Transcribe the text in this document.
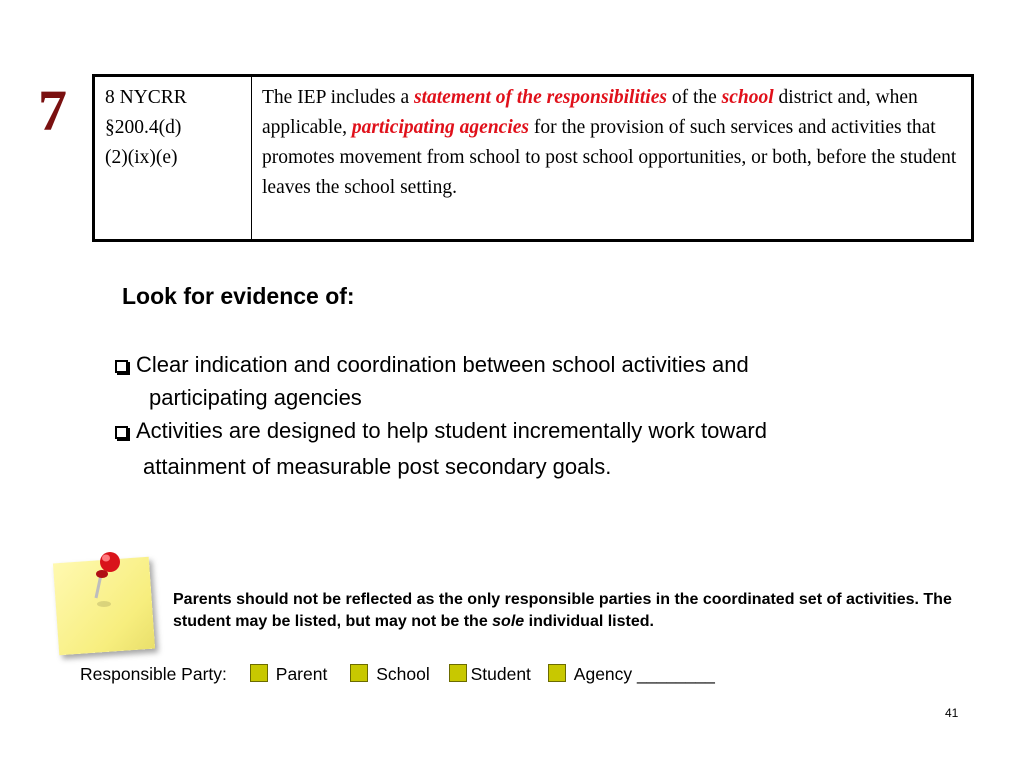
7 8 NYCRR
§200.4(d)
(2)(ix)(e)
	The IEP includes a statement of the responsibilities of the school district and, when applicable, participating agencies for the provision of such services and activities that promotes movement from school to post school opportunities, or both, before the student leaves the school setting.
Look for evidence of:
Clear indication and coordination between school activities and
participating agencies
Activities are designed to help student incrementally work toward
attainment of measurable post secondary goals.
Parents should not be reflected as the only responsible parties in the coordinated set of activities. The student may be listed, but may not be the sole individual listed.
Responsible Party:	Parent	School Student Agency ________
41
